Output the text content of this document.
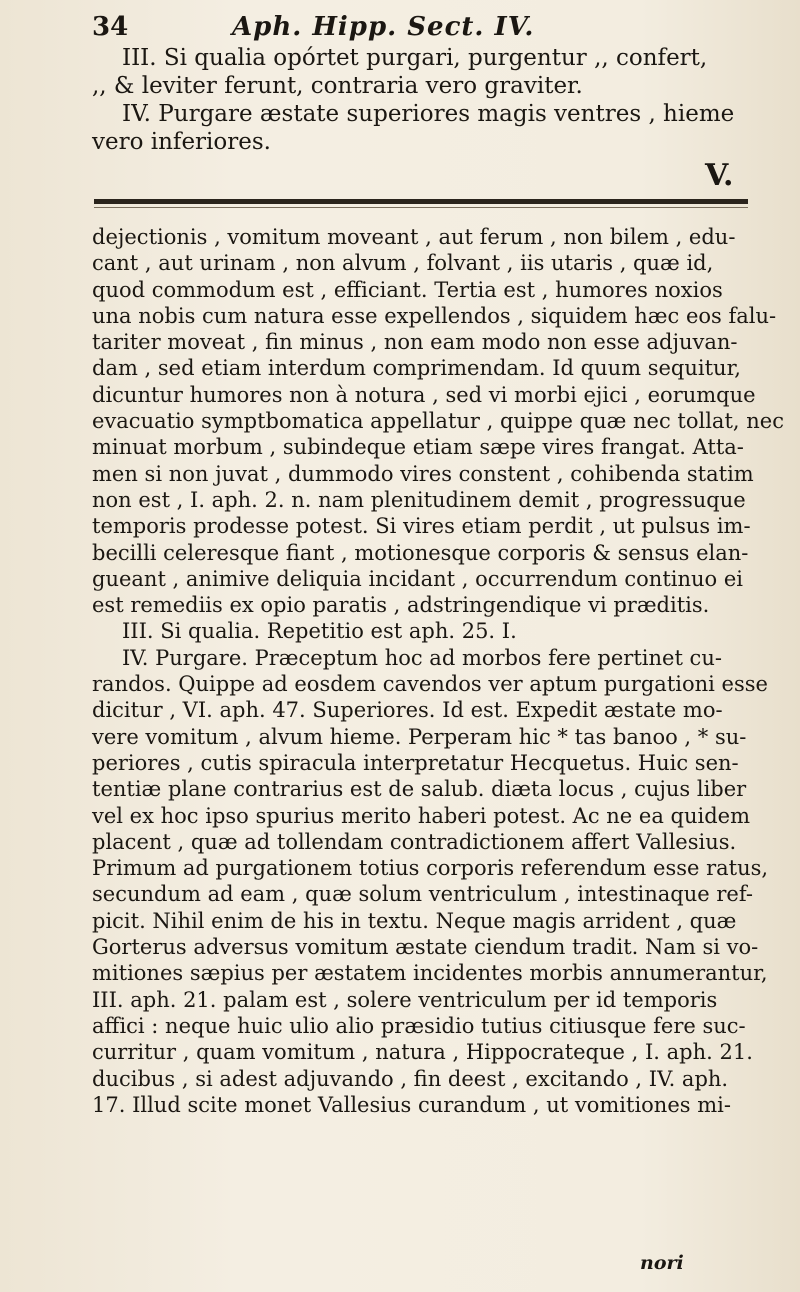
34	Aph. Hipp. Sect. IV.

III. Si qualia opórtet purgari, purgentur ,, confert,

,, & leviter ferunt, contraria vero graviter.

IV. Purgare æstate superiores magis ventres , hieme

vero inferiores.

V.
dejectionis , vomitum moveant , aut ferum , non bilem , edu-
cant , aut urinam , non alvum , folvant , iis utaris , quæ id,
quod commodum est , efficiant. Tertia est , humores noxios
una nobis cum natura esse expellendos , siquidem hæc eos falu-
tariter moveat , fin minus , non eam modo non esse adjuvan-
dam , sed etiam interdum comprimendam. Id quum sequitur,
dicuntur humores non à notura , sed vi morbi ejici , eorumque
evacuatio symptbomatica appellatur , quippe quæ nec tollat, nec
minuat morbum , subindeque etiam sæpe vires frangat. Atta-
men si non juvat , dummodo vires constent , cohibenda statim
non est , I. aph. 2. n. nam plenitudinem demit , progressuque
temporis prodesse potest. Si vires etiam perdit , ut pulsus im-
becilli celeresque fiant , motionesque corporis & sensus elan-
gueant , animive deliquia incidant , occurrendum continuo ei
est remediis ex opio paratis , adstringendique vi præditis.
III. Si qualia. Repetitio est aph. 25. I.
IV. Purgare. Præceptum hoc ad morbos fere pertinet cu-
randos. Quippe ad eosdem cavendos ver aptum purgationi esse
dicitur , VI. aph. 47. Superiores. Id est. Expedit æstate mo-
vere vomitum , alvum hieme. Perperam hic * tas banoo , * su-
periores , cutis spiracula interpretatur Hecquetus. Huic sen-
tentiæ plane contrarius est de salub. diæta locus , cujus liber
vel ex hoc ipso spurius merito haberi potest. Ac ne ea quidem
placent , quæ ad tollendam contradictionem affert Vallesius.
Primum ad purgationem totius corporis referendum esse ratus,
secundum ad eam , quæ solum ventriculum , intestinaque ref-
picit. Nihil enim de his in textu. Neque magis arrident , quæ
Gorterus adversus vomitum æstate ciendum tradit. Nam si vo-
mitiones sæpius per æstatem incidentes morbis annumerantur,
III. aph. 21. palam est , solere ventriculum per id temporis
affici : neque huic ulio alio præsidio tutius citiusque fere suc-
curritur , quam vomitum , natura , Hippocrateque , I. aph. 21.
ducibus , si adest adjuvando , fin deest , excitando , IV. aph.
17. Illud scite monet Vallesius curandum , ut vomitiones mi-
nori
